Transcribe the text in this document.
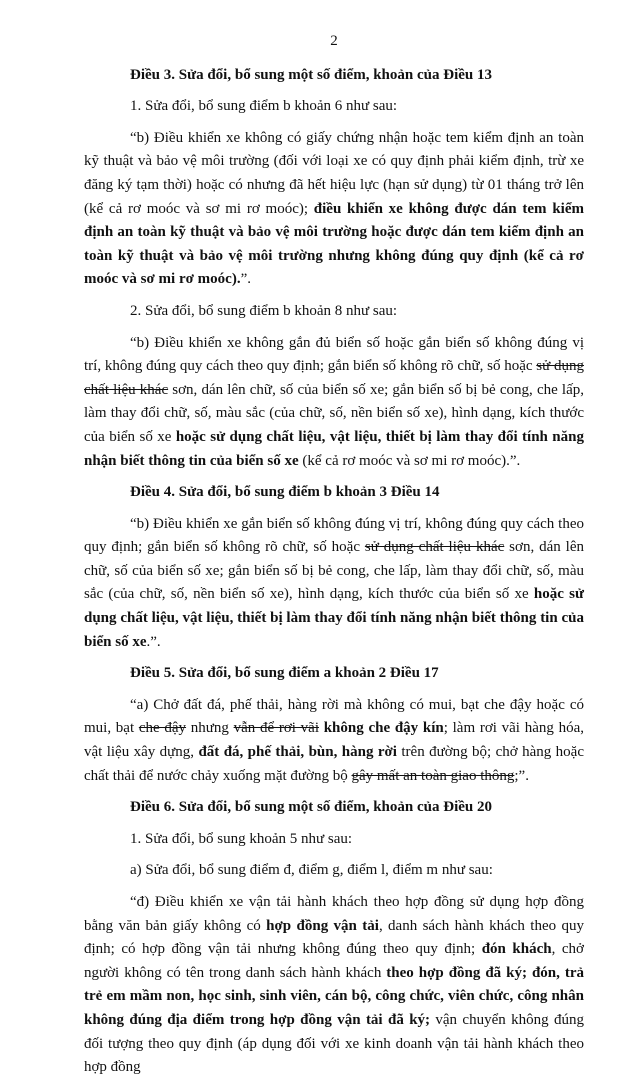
2
Điều 3. Sửa đổi, bổ sung một số điểm, khoản của Điều 13
1. Sửa đổi, bổ sung điểm b khoản 6 như sau:
“b) Điều khiển xe không có giấy chứng nhận hoặc tem kiểm định an toàn kỹ thuật và bảo vệ môi trường (đối với loại xe có quy định phải kiểm định, trừ xe đăng ký tạm thời) hoặc có nhưng đã hết hiệu lực (hạn sử dụng) từ 01 tháng trở lên (kể cả rơ moóc và sơ mi rơ moóc); điều khiển xe không được dán tem kiểm định an toàn kỹ thuật và bảo vệ môi trường hoặc được dán tem kiểm định an toàn kỹ thuật và bảo vệ môi trường nhưng không đúng quy định (kể cả rơ moóc và sơ mi rơ moóc).”.
2. Sửa đổi, bổ sung điểm b khoản 8 như sau:
“b) Điều khiển xe không gắn đủ biển số hoặc gắn biển số không đúng vị trí, không đúng quy cách theo quy định; gắn biển số không rõ chữ, số hoặc sử dụng chất liệu khác sơn, dán lên chữ, số của biển số xe; gắn biển số bị bẻ cong, che lấp, làm thay đổi chữ, số, màu sắc (của chữ, số, nền biển số xe), hình dạng, kích thước của biển số xe hoặc sử dụng chất liệu, vật liệu, thiết bị làm thay đổi tính năng nhận biết thông tin của biển số xe (kể cả rơ moóc và sơ mi rơ moóc).”.
Điều 4. Sửa đổi, bổ sung điểm b khoản 3 Điều 14
“b) Điều khiển xe gắn biển số không đúng vị trí, không đúng quy cách theo quy định; gắn biển số không rõ chữ, số hoặc sử dụng chất liệu khác sơn, dán lên chữ, số của biển số xe; gắn biển số bị bẻ cong, che lấp, làm thay đổi chữ, số, màu sắc (của chữ, số, nền biển số xe), hình dạng, kích thước của biển số xe hoặc sử dụng chất liệu, vật liệu, thiết bị làm thay đổi tính năng nhận biết thông tin của biển số xe.”.
Điều 5. Sửa đổi, bổ sung điểm a khoản 2 Điều 17
“a) Chở đất đá, phế thải, hàng rời mà không có mui, bạt che đậy hoặc có mui, bạt che đậy nhưng vẫn để rơi vãi không che đậy kín; làm rơi vãi hàng hóa, vật liệu xây dựng, đất đá, phế thải, bùn, hàng rời trên đường bộ; chở hàng hoặc chất thải để nước chảy xuống mặt đường bộ gây mất an toàn giao thông;”.
Điều 6. Sửa đổi, bổ sung một số điểm, khoản của Điều 20
1. Sửa đổi, bổ sung khoản 5 như sau:
a) Sửa đổi, bổ sung điểm đ, điểm g, điểm l, điểm m như sau:
“đ) Điều khiển xe vận tải hành khách theo hợp đồng sử dụng hợp đồng bằng văn bản giấy không có hợp đồng vận tải, danh sách hành khách theo quy định; có hợp đồng vận tải nhưng không đúng theo quy định; đón khách, chở người không có tên trong danh sách hành khách theo hợp đồng đã ký; đón, trả trẻ em mầm non, học sinh, sinh viên, cán bộ, công chức, viên chức, công nhân không đúng địa điểm trong hợp đồng vận tải đã ký; vận chuyển không đúng đối tượng theo quy định (áp dụng đối với xe kinh doanh vận tải hành khách theo hợp đồng
